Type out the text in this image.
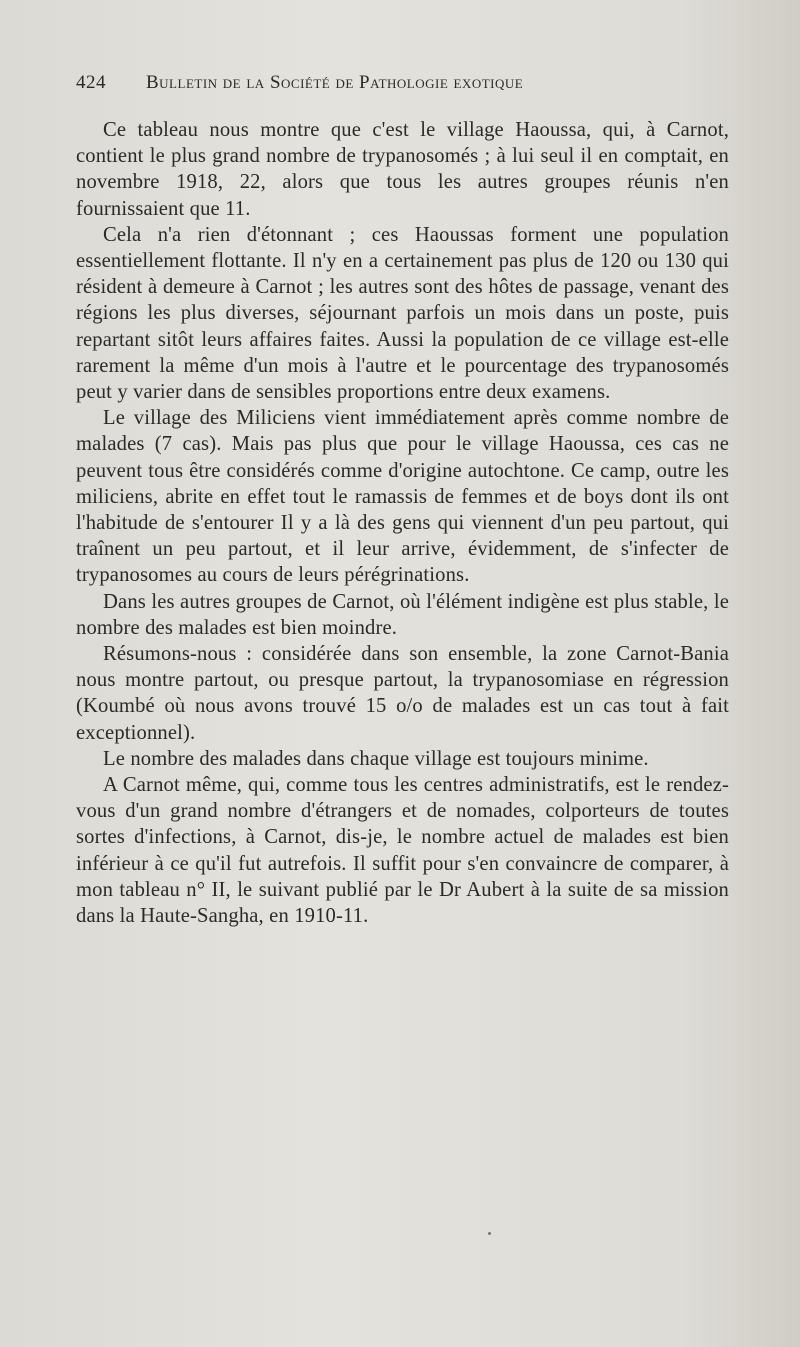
424 Bulletin de la Société de Pathologie exotique

Ce tableau nous montre que c'est le village Haoussa, qui, à Carnot, contient le plus grand nombre de trypanosomés ; à lui seul il en comptait, en novembre 1918, 22, alors que tous les autres groupes réunis n'en fournissaient que 11.

Cela n'a rien d'étonnant ; ces Haoussas forment une population essentiellement flottante. Il n'y en a certainement pas plus de 120 ou 130 qui résident à demeure à Carnot ; les autres sont des hôtes de passage, venant des régions les plus diverses, séjournant parfois un mois dans un poste, puis repartant sitôt leurs affaires faites. Aussi la population de ce village est-elle rarement la même d'un mois à l'autre et le pourcentage des trypanosomés peut y varier dans de sensibles proportions entre deux examens.

Le village des Miliciens vient immédiatement après comme nombre de malades (7 cas). Mais pas plus que pour le village Haoussa, ces cas ne peuvent tous être considérés comme d'origine autochtone. Ce camp, outre les miliciens, abrite en effet tout le ramassis de femmes et de boys dont ils ont l'habitude de s'entourer Il y a là des gens qui viennent d'un peu partout, qui traînent un peu partout, et il leur arrive, évidemment, de s'infecter de trypanosomes au cours de leurs pérégrinations.

Dans les autres groupes de Carnot, où l'élément indigène est plus stable, le nombre des malades est bien moindre.

Résumons-nous : considérée dans son ensemble, la zone Carnot-Bania nous montre partout, ou presque partout, la trypanosomiase en régression (Koumbé où nous avons trouvé 15 o/o de malades est un cas tout à fait exceptionnel).

Le nombre des malades dans chaque village est toujours minime.

A Carnot même, qui, comme tous les centres administratifs, est le rendez-vous d'un grand nombre d'étrangers et de nomades, colporteurs de toutes sortes d'infections, à Carnot, dis-je, le nombre actuel de malades est bien inférieur à ce qu'il fut autrefois. Il suffit pour s'en convaincre de comparer, à mon tableau n° II, le suivant publié par le Dr Aubert à la suite de sa mission dans la Haute-Sangha, en 1910-11.
